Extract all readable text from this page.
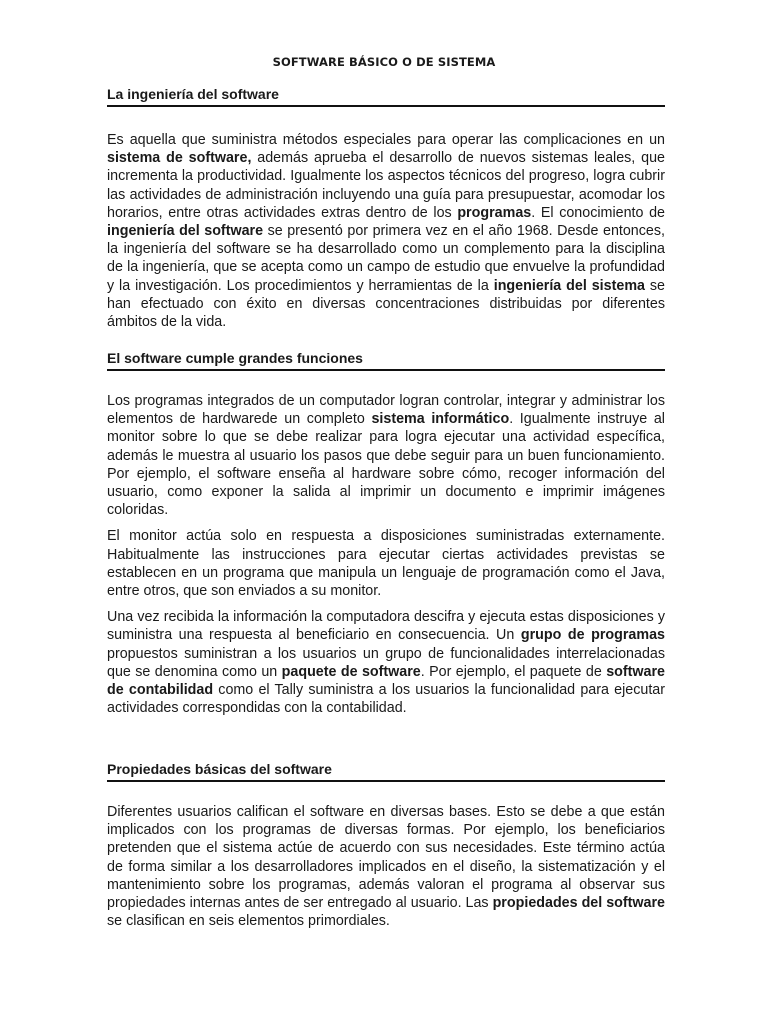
SOFTWARE BÁSICO O DE SISTEMA
La ingeniería del software

Es aquella que suministra métodos especiales para operar las complicaciones en un sistema de software, además aprueba el desarrollo de nuevos sistemas leales, que incrementa la productividad. Igualmente los aspectos técnicos del progreso, logra cubrir las actividades de administración incluyendo una guía para presupuestar, acomodar los horarios, entre otras actividades extras dentro de los programas. El conocimiento de ingeniería del software se presentó por primera vez en el año 1968. Desde entonces, la ingeniería del software se ha desarrollado como un complemento para la disciplina de la ingeniería, que se acepta como un campo de estudio que envuelve la profundidad y la investigación. Los procedimientos y herramientas de la ingeniería del sistema se han efectuado con éxito en diversas concentraciones distribuidas por diferentes ámbitos de la vida.

El software cumple grandes funciones

Los programas integrados de un computador logran controlar, integrar y administrar los elementos de hardwarede un completo sistema informático. Igualmente instruye al monitor sobre lo que se debe realizar para logra ejecutar una actividad específica, además le muestra al usuario los pasos que debe seguir para un buen funcionamiento. Por ejemplo, el software enseña al hardware sobre cómo, recoger información del usuario, como exponer la salida al imprimir un documento e imprimir imágenes coloridas.

El monitor actúa solo en respuesta a disposiciones suministradas externamente. Habitualmente las instrucciones para ejecutar ciertas actividades previstas se establecen en un programa que manipula un lenguaje de programación como el Java, entre otros, que son enviados a su monitor.

Una vez recibida la información la computadora descifra y ejecuta estas disposiciones y suministra una respuesta al beneficiario en consecuencia. Un grupo de programas propuestos suministran a los usuarios un grupo de funcionalidades interrelacionadas que se denomina como un paquete de software. Por ejemplo, el paquete de software de contabilidad como el Tally suministra a los usuarios la funcionalidad para ejecutar actividades correspondidas con la contabilidad.

Propiedades básicas del software

Diferentes usuarios califican el software en diversas bases. Esto se debe a que están implicados con los programas de diversas formas. Por ejemplo, los beneficiarios pretenden que el sistema actúe de acuerdo con sus necesidades. Este término actúa de forma similar a los desarrolladores implicados en el diseño, la sistematización y el mantenimiento sobre los programas, además valoran el programa al observar sus propiedades internas antes de ser entregado al usuario. Las propiedades del software se clasifican en seis elementos primordiales.
